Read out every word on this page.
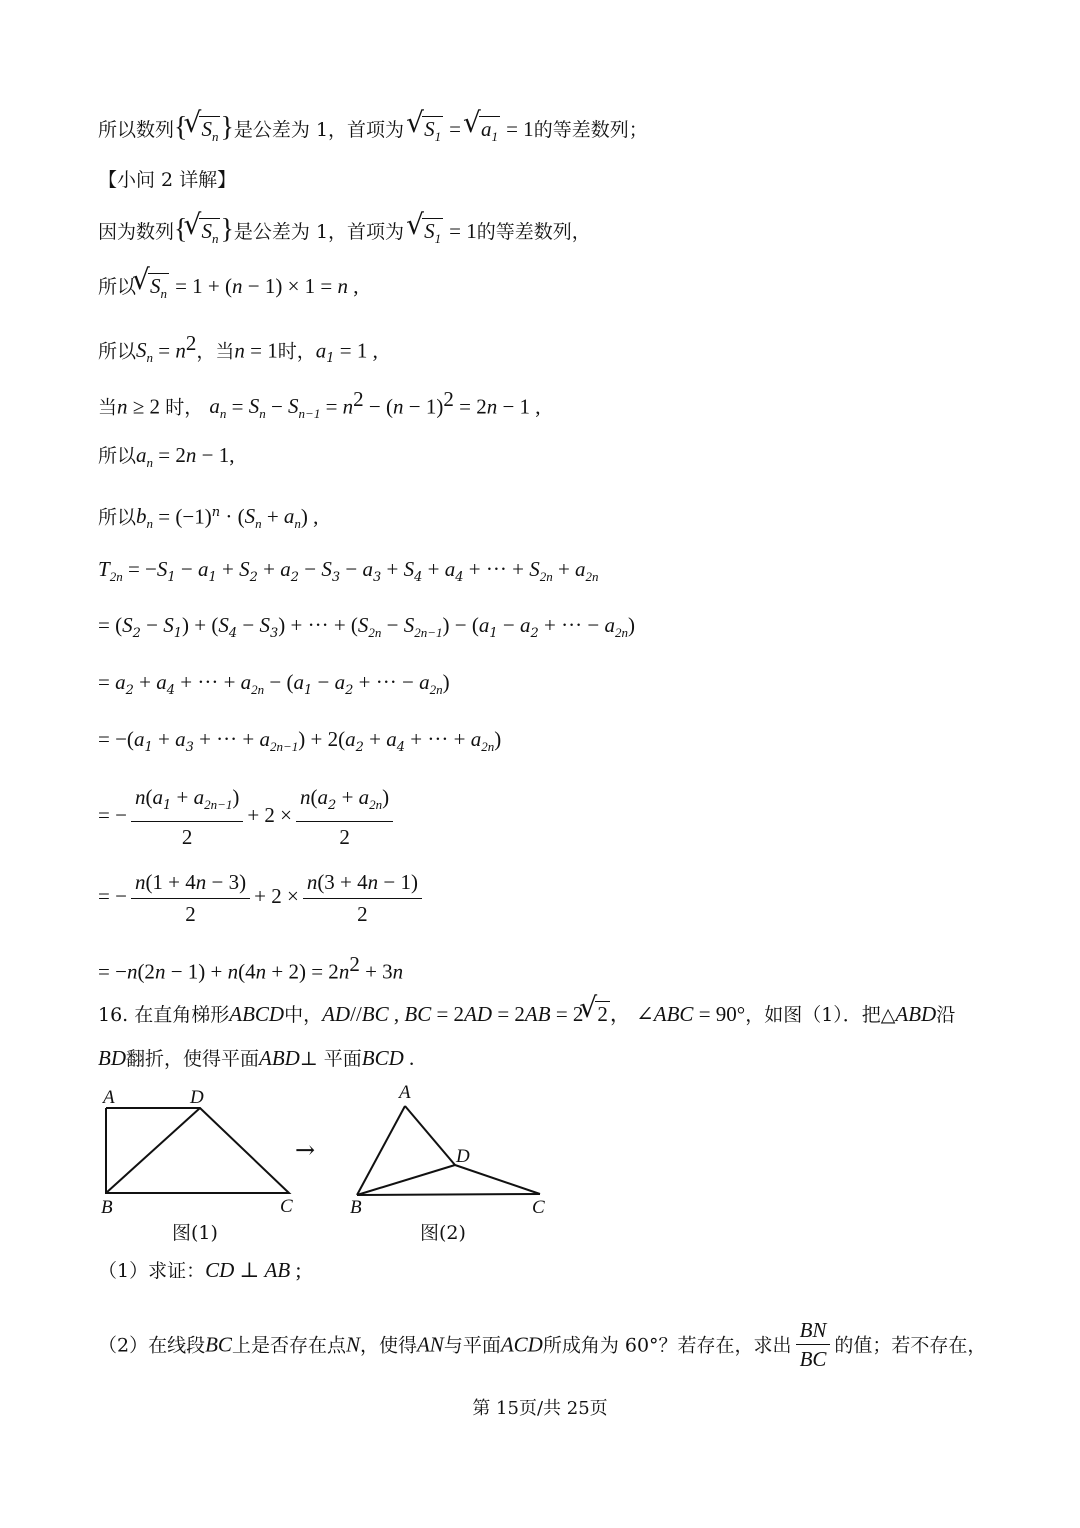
所以数列{ √ $S_n$}是公差为 1，首项为 √ $S_1$ = √ $a_1 = 1$的等差数列；
【小问 2 详解】
因为数列{ √ $S_n$}是公差为 1，首项为 √ $S_1 = 1$的等差数列，
所以 √ $S_n = 1 + (n - 1) \times 1 = n$ ,
所以$S_n = n^2$，当n = 1时，$a_1 = 1$ ,
当n ≥ 2 时， $a_n = S_n - S_{n-1} = n^2 - (n - 1)^2 = 2n - 1$ ,
所以$a_n = 2n - 1$,
所以$b_n = (-1)^n \cdot (S_n + a_n)$ ,
$T_{2n} = -S_1 - a_1 + S_2 + a_2 - S_3 - a_3 + S_4 + a_4$ + ··· + $S_{2n} + a_{2n}$
= $(S_2 - S_1) + (S_4 - S_3)$ + ··· + $(S_{2n} - S_{2n-1}) - (a_1 - a_2$ + ··· − $a_{2n}$)
= $a_2 + a_4$ + ··· + $a_{2n} - (a_1 - a_2$ + ··· − $a_{2n}$)
= $-(a_1 + a_3$ + ··· + $a_{2n-1}) + 2(a_2 + a_4$ + ··· + $a_{2n}$)
= − $\frac{n(a_1 + a_{2n-1})}{2} + 2 \times \frac{n(a_2 + a_{2n})}{2}$
= − $\frac{n(1 + 4n - 3)}{2} + 2 \times \frac{n(3 + 4n - 1)}{2}$
= $-n(2n - 1) + n(4n + 2) = 2n^2 + 3n$
16. 在直角梯形ABCD中，AD//BC , BC = 2AD = 2AB = 2 √ 2， ∠ABC = 90°，如图（1）．把△ABD沿
BD翻折，使得平面ABD⊥ 平面BCD .
→
A	D
B	C
图(1)
A
D
B	C
图(2)
（1）求证：CD ⊥ AB ;
（2）在线段BC上是否存在点N，使得AN与平面ACD所成角为 60°？若存在，求出 $\frac{BN}{BC}$ 的值；若不存在，
第 15页/共 25页
